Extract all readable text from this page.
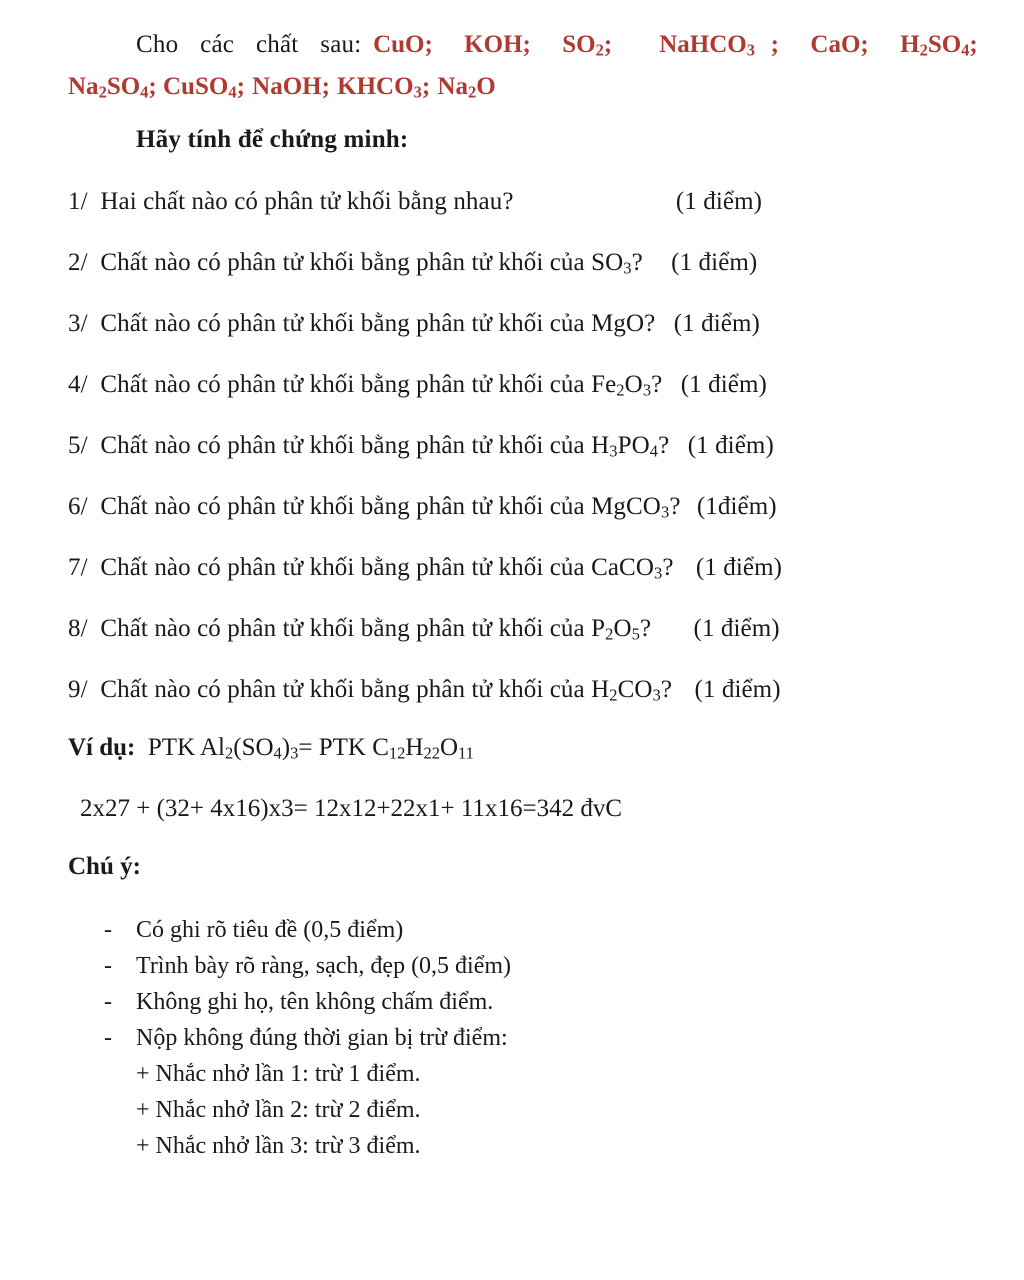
Cho các chất sau: CuO;  KOH;  $SO_2$;   NaHCO$_3$ ;  CaO;  $H_2SO_4$;  $Na_2SO_4$; CuSO$_4$; NaOH; $KHCO_3$; $Na_2O$
Hãy tính để chứng minh:
1/  Hai chất nào có phân tử khối bằng nhau?	(1 điểm)
2/  Chất nào có phân tử khối bằng phân tử khối của $SO_3$? (1 điểm)
3/  Chất nào có phân tử khối bằng phân tử khối của MgO? (1 điểm)
4/  Chất nào có phân tử khối bằng phân tử khối của $Fe_2O_3$? (1 điểm)
5/  Chất nào có phân tử khối bằng phân tử khối của $H_3PO_4$? (1 điểm)
6/  Chất nào có phân tử khối bằng phân tử khối của MgCO$_3$? (1điểm)
7/  Chất nào có phân tử khối bằng phân tử khối của CaCO$_3$? (1 điểm)
8/  Chất nào có phân tử khối bằng phân tử khối của $P_2O_5$? (1 điểm)
9/  Chất nào có phân tử khối bằng phân tử khối của $H_2CO_3$? (1 điểm)
Ví dụ:  PTK $Al_2(SO_4)_3=$ PTK $C_{12}H_{22}O_{11}$
2x27 + (32+ 4x16)x3= 12x12+22x1+ 11x16=342 đvC
Chú ý:
-	Có ghi rõ tiêu đề (0,5 điểm)
-	Trình bày rõ ràng, sạch, đẹp (0,5 điểm)
-	Không ghi họ, tên không chấm điểm.
-	Nộp không đúng thời gian bị trừ điểm:
+ Nhắc nhở lần 1: trừ 1 điểm.
+ Nhắc nhở lần 2: trừ 2 điểm.
+ Nhắc nhở lần 3: trừ 3 điểm.
